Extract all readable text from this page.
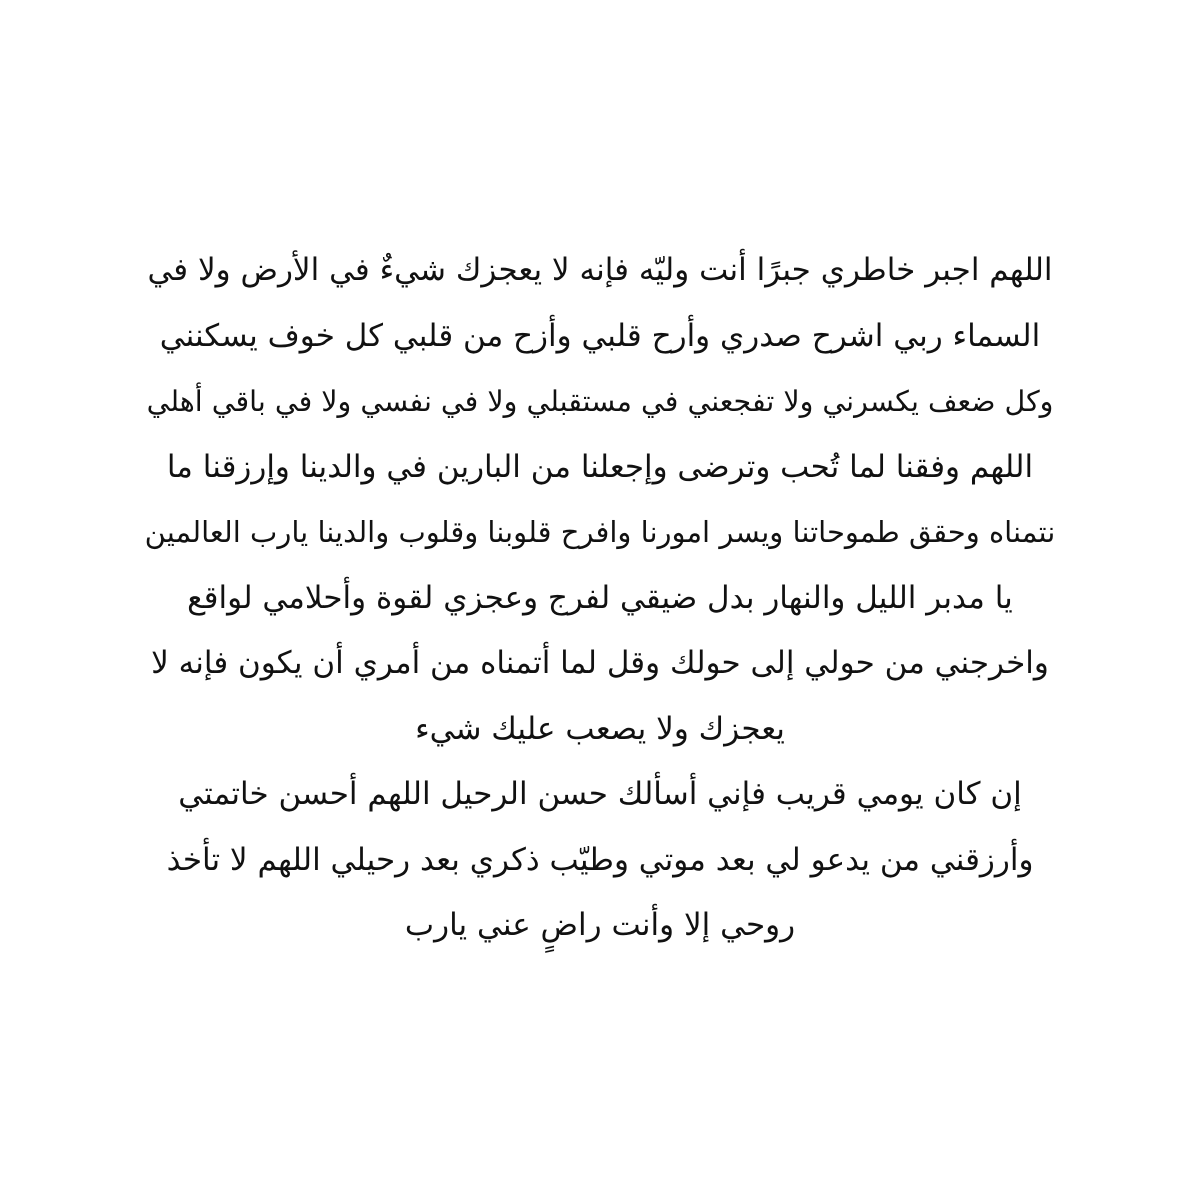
اللهم اجبر خاطري جبرًا أنت وليّه فإنه لا يعجزك شيءٌ في الأرض ولا في
السماء ربي اشرح صدري وأرح قلبي وأزح من قلبي كل خوف يسكنني
وكل ضعف يكسرني ولا تفجعني في مستقبلي ولا في نفسي ولا في باقي أهلي
اللهم وفقنا لما تُحب وترضى وإجعلنا من البارين في والدينا وإرزقنا ما
نتمناه وحقق طموحاتنا ويسر امورنا وافرح قلوبنا وقلوب والدينا يارب العالمين
يا مدبر الليل والنهار بدل ضيقي لفرج وعجزي لقوة وأحلامي لواقع
واخرجني من حولي إلى حولك وقل لما أتمناه من أمري أن يكون فإنه لا
يعجزك ولا يصعب عليك شيء
إن كان يومي قريب فإني أسألك حسن الرحيل اللهم أحسن خاتمتي
وأرزقني من يدعو لي بعد موتي وطيّب ذكري بعد رحيلي اللهم لا تأخذ
روحي إلا وأنت راضٍ عني يارب
